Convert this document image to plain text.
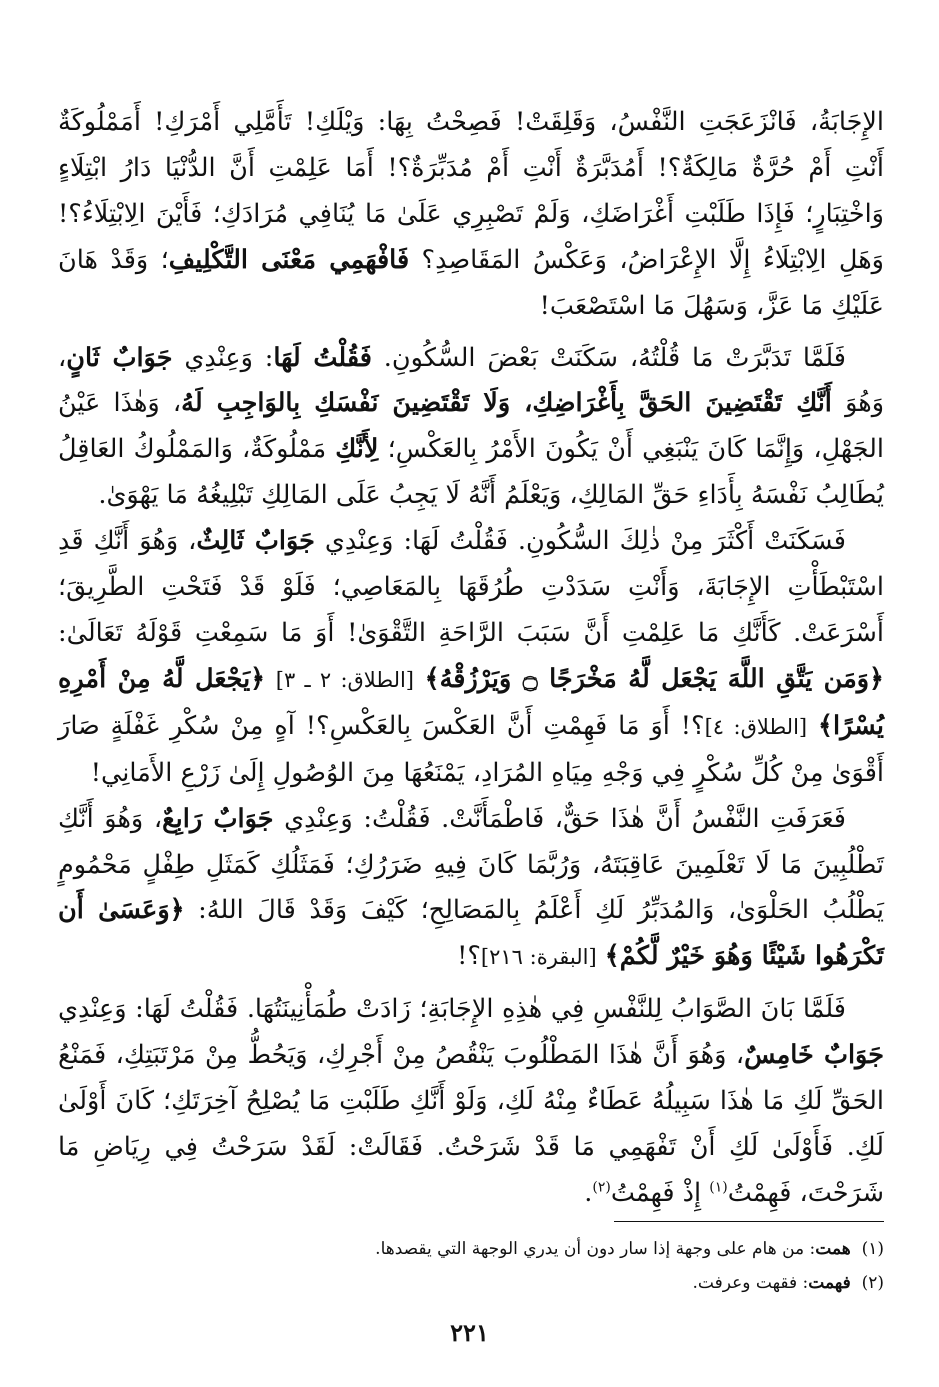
الإِجَابَةُ، فَانْزَعَجَتِ النَّفْسُ، وَقَلِقَتْ! فَصِحْتُ بِهَا: وَيْلَكِ! تَأَمَّلِي أَمْرَكِ! أَمَمْلُوكَةٌ أَنْتِ أَمْ حُرَّةٌ مَالِكَةٌ؟! أَمُدَبَّرَةٌ أَنْتِ أَمْ مُدَبِّرَةٌ؟! أَمَا عَلِمْتِ أَنَّ الدُّنْيَا دَارُ ابْتِلَاءٍ وَاخْتِبَارٍ؛ فَإِذَا طَلَبْتِ أَغْرَاضَكِ، وَلَمْ تَصْبِرِي عَلَىٰ مَا يُنَافِي مُرَادَكِ؛ فَأَيْنَ الِابْتِلَاءُ؟! وَهَلِ الِابْتِلَاءُ إِلَّا الإِعْرَاضُ، وَعَكْسُ المَقَاصِدِ؟ فَافْهَمِي مَعْنَى التَّكْلِيفِ؛ وَقَدْ هَانَ عَلَيْكِ مَا عَزَّ، وَسَهُلَ مَا اسْتَصْعَبَ!

فَلَمَّا تَدَبَّرَتْ مَا قُلْتُهُ، سَكَنَتْ بَعْضَ السُّكُونِ. فَقُلْتُ لَهَا: وَعِنْدِي جَوَابٌ ثَانٍ، وَهُوَ أَنَّكِ تَقْتَضِينَ الحَقَّ بِأَغْرَاضِكِ، وَلَا تَقْتَضِينَ نَفْسَكِ بِالوَاجِبِ لَهُ، وَهٰذَا عَيْنُ الجَهْلِ، وَإِنَّمَا كَانَ يَنْبَغِي أَنْ يَكُونَ الأَمْرُ بِالعَكْسِ؛ لِأَنَّكِ مَمْلُوكَةٌ، وَالمَمْلُوكُ العَاقِلُ يُطَالِبُ نَفْسَهُ بِأَدَاءِ حَقِّ المَالِكِ، وَيَعْلَمُ أَنَّهُ لَا يَجِبُ عَلَى المَالِكِ تَبْلِيغُهُ مَا يَهْوَىٰ.

فَسَكَنَتْ أَكْثَرَ مِنْ ذٰلِكَ السُّكُونِ. فَقُلْتُ لَهَا: وَعِنْدِي جَوَابٌ ثَالِثٌ، وَهُوَ أَنَّكِ قَدِ اسْتَبْطَأْتِ الإِجَابَةَ، وَأَنْتِ سَدَدْتِ طُرُقَهَا بِالمَعَاصِي؛ فَلَوْ قَدْ فَتَحْتِ الطَّرِيقَ؛ أَسْرَعَتْ. كَأَنَّكِ مَا عَلِمْتِ أَنَّ سَبَبَ الرَّاحَةِ التَّقْوَىٰ! أَوَ مَا سَمِعْتِ قَوْلَهُ تَعَالَىٰ: ﴿وَمَن يَتَّقِ اللَّهَ يَجْعَل لَّهُ مَخْرَجًا ۝ وَيَرْزُقْهُ﴾ [الطلاق: ٢ ـ ٣] ﴿يَجْعَل لَّهُ مِنْ أَمْرِهِ يُسْرًا﴾ [الطلاق: ٤]؟! أَوَ مَا فَهِمْتِ أَنَّ العَكْسَ بِالعَكْسِ؟! آهٍ مِنْ سُكْرِ غَفْلَةٍ صَارَ أَقْوَىٰ مِنْ كُلِّ سُكْرٍ فِي وَجْهِ مِيَاهِ المُرَادِ، يَمْنَعُهَا مِنَ الوُصُولِ إِلَىٰ زَرْعِ الأَمَانِي!

فَعَرَفَتِ النَّفْسُ أَنَّ هٰذَا حَقٌّ، فَاطْمَأَنَّتْ. فَقُلْتُ: وَعِنْدِي جَوَابٌ رَابِعٌ، وَهُوَ أَنَّكِ تَطْلُبِينَ مَا لَا تَعْلَمِينَ عَاقِبَتَهُ، وَرُبَّمَا كَانَ فِيهِ ضَرَرُكِ؛ فَمَثَلُكِ كَمَثَلِ طِفْلٍ مَحْمُومٍ يَطْلُبُ الحَلْوَىٰ، وَالمُدَبِّرُ لَكِ أَعْلَمُ بِالمَصَالِحِ؛ كَيْفَ وَقَدْ قَالَ اللهُ: ﴿وَعَسَىٰ أَن تَكْرَهُوا شَيْئًا وَهُوَ خَيْرٌ لَّكُمْ﴾ [البقرة: ٢١٦]؟!

فَلَمَّا بَانَ الصَّوَابُ لِلنَّفْسِ فِي هٰذِهِ الإِجَابَةِ؛ زَادَتْ طُمَأْنِينَتُهَا. فَقُلْتُ لَهَا: وَعِنْدِي جَوَابٌ خَامِسٌ، وَهُوَ أَنَّ هٰذَا المَطْلُوبَ يَنْقُصُ مِنْ أَجْرِكِ، وَيَحُطُّ مِنْ مَرْتَبَتِكِ، فَمَنْعُ الحَقِّ لَكِ مَا هٰذَا سَبِيلُهُ عَطَاءٌ مِنْهُ لَكِ، وَلَوْ أَنَّكِ طَلَبْتِ مَا يُصْلِحُ آخِرَتَكِ؛ كَانَ أَوْلَىٰ لَكِ. فَأَوْلَىٰ لَكِ أَنْ تَفْهَمِي مَا قَدْ شَرَحْتُ. فَقَالَتْ: لَقَدْ سَرَحْتُ فِي رِيَاضِ مَا شَرَحْتَ، فَهِمْتُ$^{(١)}$ إِذْ فَهِمْتُ$^{(٢)}$.

(١)  همت: من هام على وجهة إذا سار دون أن يدري الوجهة التي يقصدها.

(٢)  فهمت: فقهت وعرفت.

٢٢١
